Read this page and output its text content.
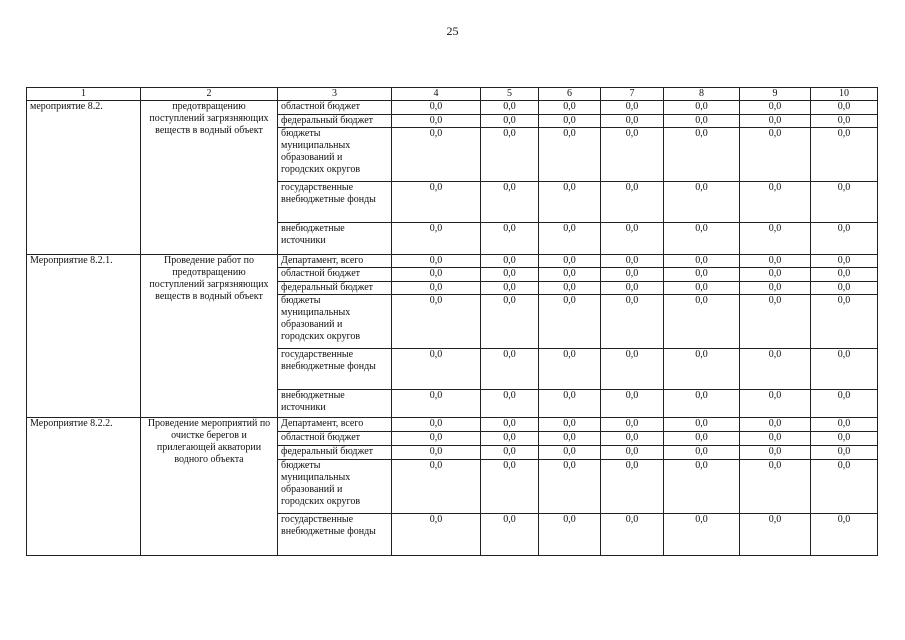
25
1	2	3	4	5	6	7	8	9	10
мероприятие 8.2.	предотвращению поступлений загрязняющих веществ в водный объект	областной бюджет	0,0	0,0	0,0	0,0	0,0	0,0	0,0
		федеральный бюджет	0,0	0,0	0,0	0,0	0,0	0,0	0,0
		бюджеты муниципальных образований и городских округов	0,0	0,0	0,0	0,0	0,0	0,0	0,0
		государственные внебюджетные фонды	0,0	0,0	0,0	0,0	0,0	0,0	0,0
		внебюджетные источники	0,0	0,0	0,0	0,0	0,0	0,0	0,0
Мероприятие 8.2.1.	Проведение работ по предотвращению поступлений загрязняющих веществ в водный объект	Департамент, всего	0,0	0,0	0,0	0,0	0,0	0,0	0,0
		областной бюджет	0,0	0,0	0,0	0,0	0,0	0,0	0,0
		федеральный бюджет	0,0	0,0	0,0	0,0	0,0	0,0	0,0
		бюджеты муниципальных образований и городских округов	0,0	0,0	0,0	0,0	0,0	0,0	0,0
		государственные внебюджетные фонды	0,0	0,0	0,0	0,0	0,0	0,0	0,0
		внебюджетные источники	0,0	0,0	0,0	0,0	0,0	0,0	0,0
Мероприятие 8.2.2.	Проведение мероприятий по очистке берегов и прилегающей акватории водного объекта	Департамент, всего	0,0	0,0	0,0	0,0	0,0	0,0	0,0
		областной бюджет	0,0	0,0	0,0	0,0	0,0	0,0	0,0
		федеральный бюджет	0,0	0,0	0,0	0,0	0,0	0,0	0,0
		бюджеты муниципальных образований и городских округов	0,0	0,0	0,0	0,0	0,0	0,0	0,0
		государственные внебюджетные фонды	0,0	0,0	0,0	0,0	0,0	0,0	0,0
